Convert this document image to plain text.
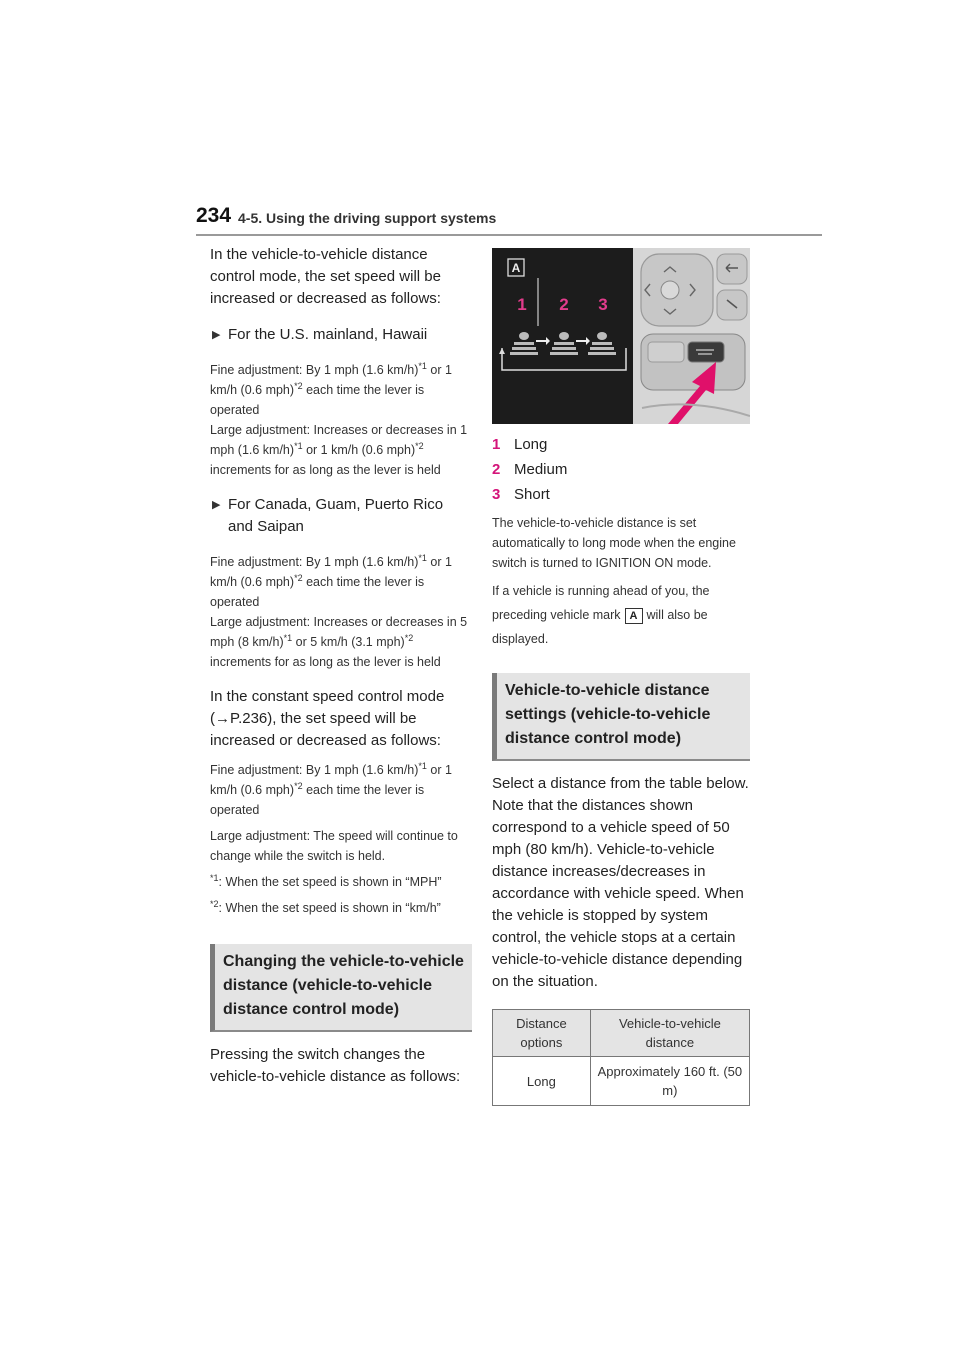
234 4-5. Using the driving support systems

In the vehicle-to-vehicle distance control mode, the set speed will be increased or decreased as follows:

▶ For the U.S. mainland, Hawaii

Fine adjustment: By 1 mph (1.6 km/h)$^{*1}$ or 1 km/h (0.6 mph)$^{*2}$ each time the lever is operated

Large adjustment: Increases or decreases in 1 mph (1.6 km/h)$^{*1}$ or 1 km/h (0.6 mph)$^{*2}$ increments for as long as the lever is held

▶ For Canada, Guam, Puerto Rico and Saipan

Fine adjustment: By 1 mph (1.6 km/h)$^{*1}$ or 1 km/h (0.6 mph)$^{*2}$ each time the lever is operated

Large adjustment: Increases or decreases in 5 mph (8 km/h)$^{*1}$ or 5 km/h (3.1 mph)$^{*2}$ increments for as long as the lever is held

In the constant speed control mode (→P.236), the set speed will be increased or decreased as follows:

Fine adjustment: By 1 mph (1.6 km/h)$^{*1}$ or 1 km/h (0.6 mph)$^{*2}$ each time the lever is operated

Large adjustment: The speed will continue to change while the switch is held.

$^{*1}$: When the set speed is shown in “MPH”

$^{*2}$: When the set speed is shown in “km/h”

Changing the vehicle-to-vehicle distance (vehicle-to-vehicle distance control mode)

Pressing the switch changes the vehicle-to-vehicle distance as follows:

A
1 2 3
1 Long
2 Medium
3 Short

The vehicle-to-vehicle distance is set automatically to long mode when the engine switch is turned to IGNITION ON mode.

If a vehicle is running ahead of you, the preceding vehicle mark A will also be displayed.

Vehicle-to-vehicle distance settings (vehicle-to-vehicle distance control mode)

Select a distance from the table below. Note that the distances shown correspond to a vehicle speed of 50 mph (80 km/h). Vehicle-to-vehicle distance increases/decreases in accordance with vehicle speed. When the vehicle is stopped by system control, the vehicle stops at a certain vehicle-to-vehicle distance depending on the situation.

Distance options	Vehicle-to-vehicle distance
Long	Approximately 160 ft. (50 m)
